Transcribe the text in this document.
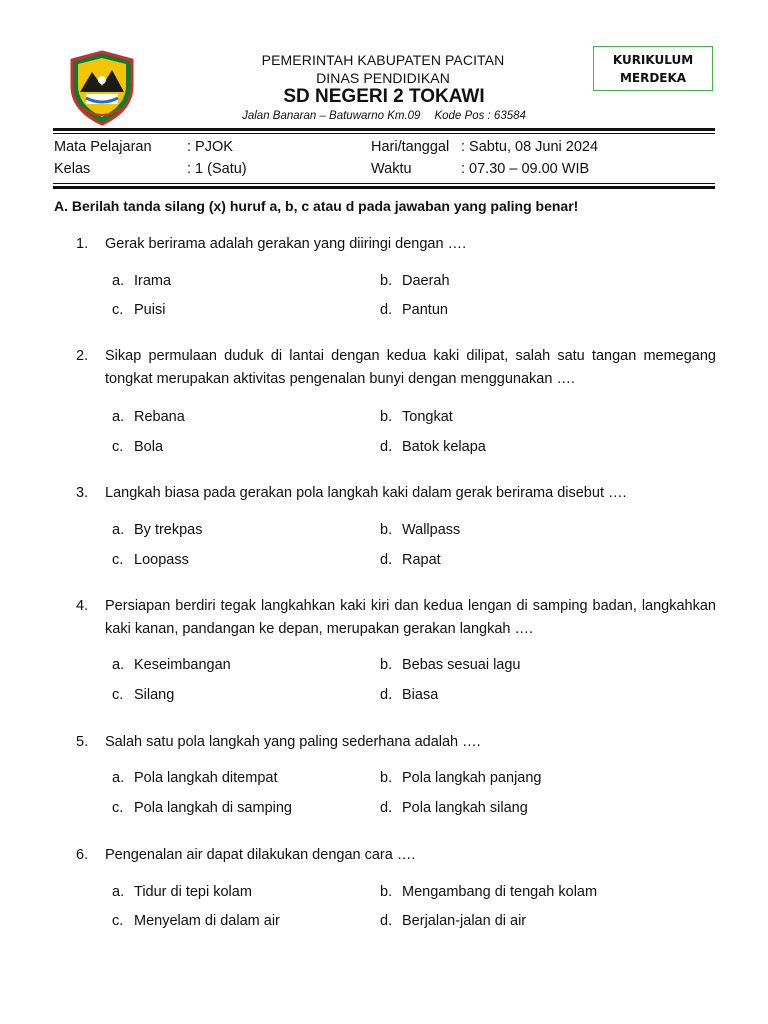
PEMERINTAH KABUPATEN PACITAN
DINAS PENDIDIKAN
SD NEGERI 2 TOKAWI
Jalan Banaran – Batuwarno Km.09 Kode Pos : 63584
KURIKULUM
MERDEKA
Mata Pelajaran : PJOK	Hari/tanggal : Sabtu, 08 Juni 2024
Kelas	: 1 (Satu)	Waktu	: 07.30 – 09.00 WIB
A. Berilah tanda silang (x) huruf a, b, c atau d pada jawaban yang paling benar!
1. Gerak berirama adalah gerakan yang diiringi dengan ….
a. Irama	b. Daerah
c. Puisi	d. Pantun
2. Sikap permulaan duduk di lantai dengan kedua kaki dilipat, salah satu tangan memegang tongkat merupakan aktivitas pengenalan bunyi dengan menggunakan ….
a. Rebana	b. Tongkat
c. Bola	d. Batok kelapa
3. Langkah biasa pada gerakan pola langkah kaki dalam gerak berirama disebut ….
a. By trekpas	b. Wallpass
c. Loopass	d. Rapat
4. Persiapan berdiri tegak langkahkan kaki kiri dan kedua lengan di samping badan, langkahkan kaki kanan, pandangan ke depan, merupakan gerakan langkah ….
a. Keseimbangan	b. Bebas sesuai lagu
c. Silang	d. Biasa
5. Salah satu pola langkah yang paling sederhana adalah ….
a. Pola langkah ditempat	b. Pola langkah panjang
c. Pola langkah di samping	d. Pola langkah silang
6. Pengenalan air dapat dilakukan dengan cara ….
a. Tidur di tepi kolam	b. Mengambang di tengah kolam
c. Menyelam di dalam air	d. Berjalan-jalan di air
